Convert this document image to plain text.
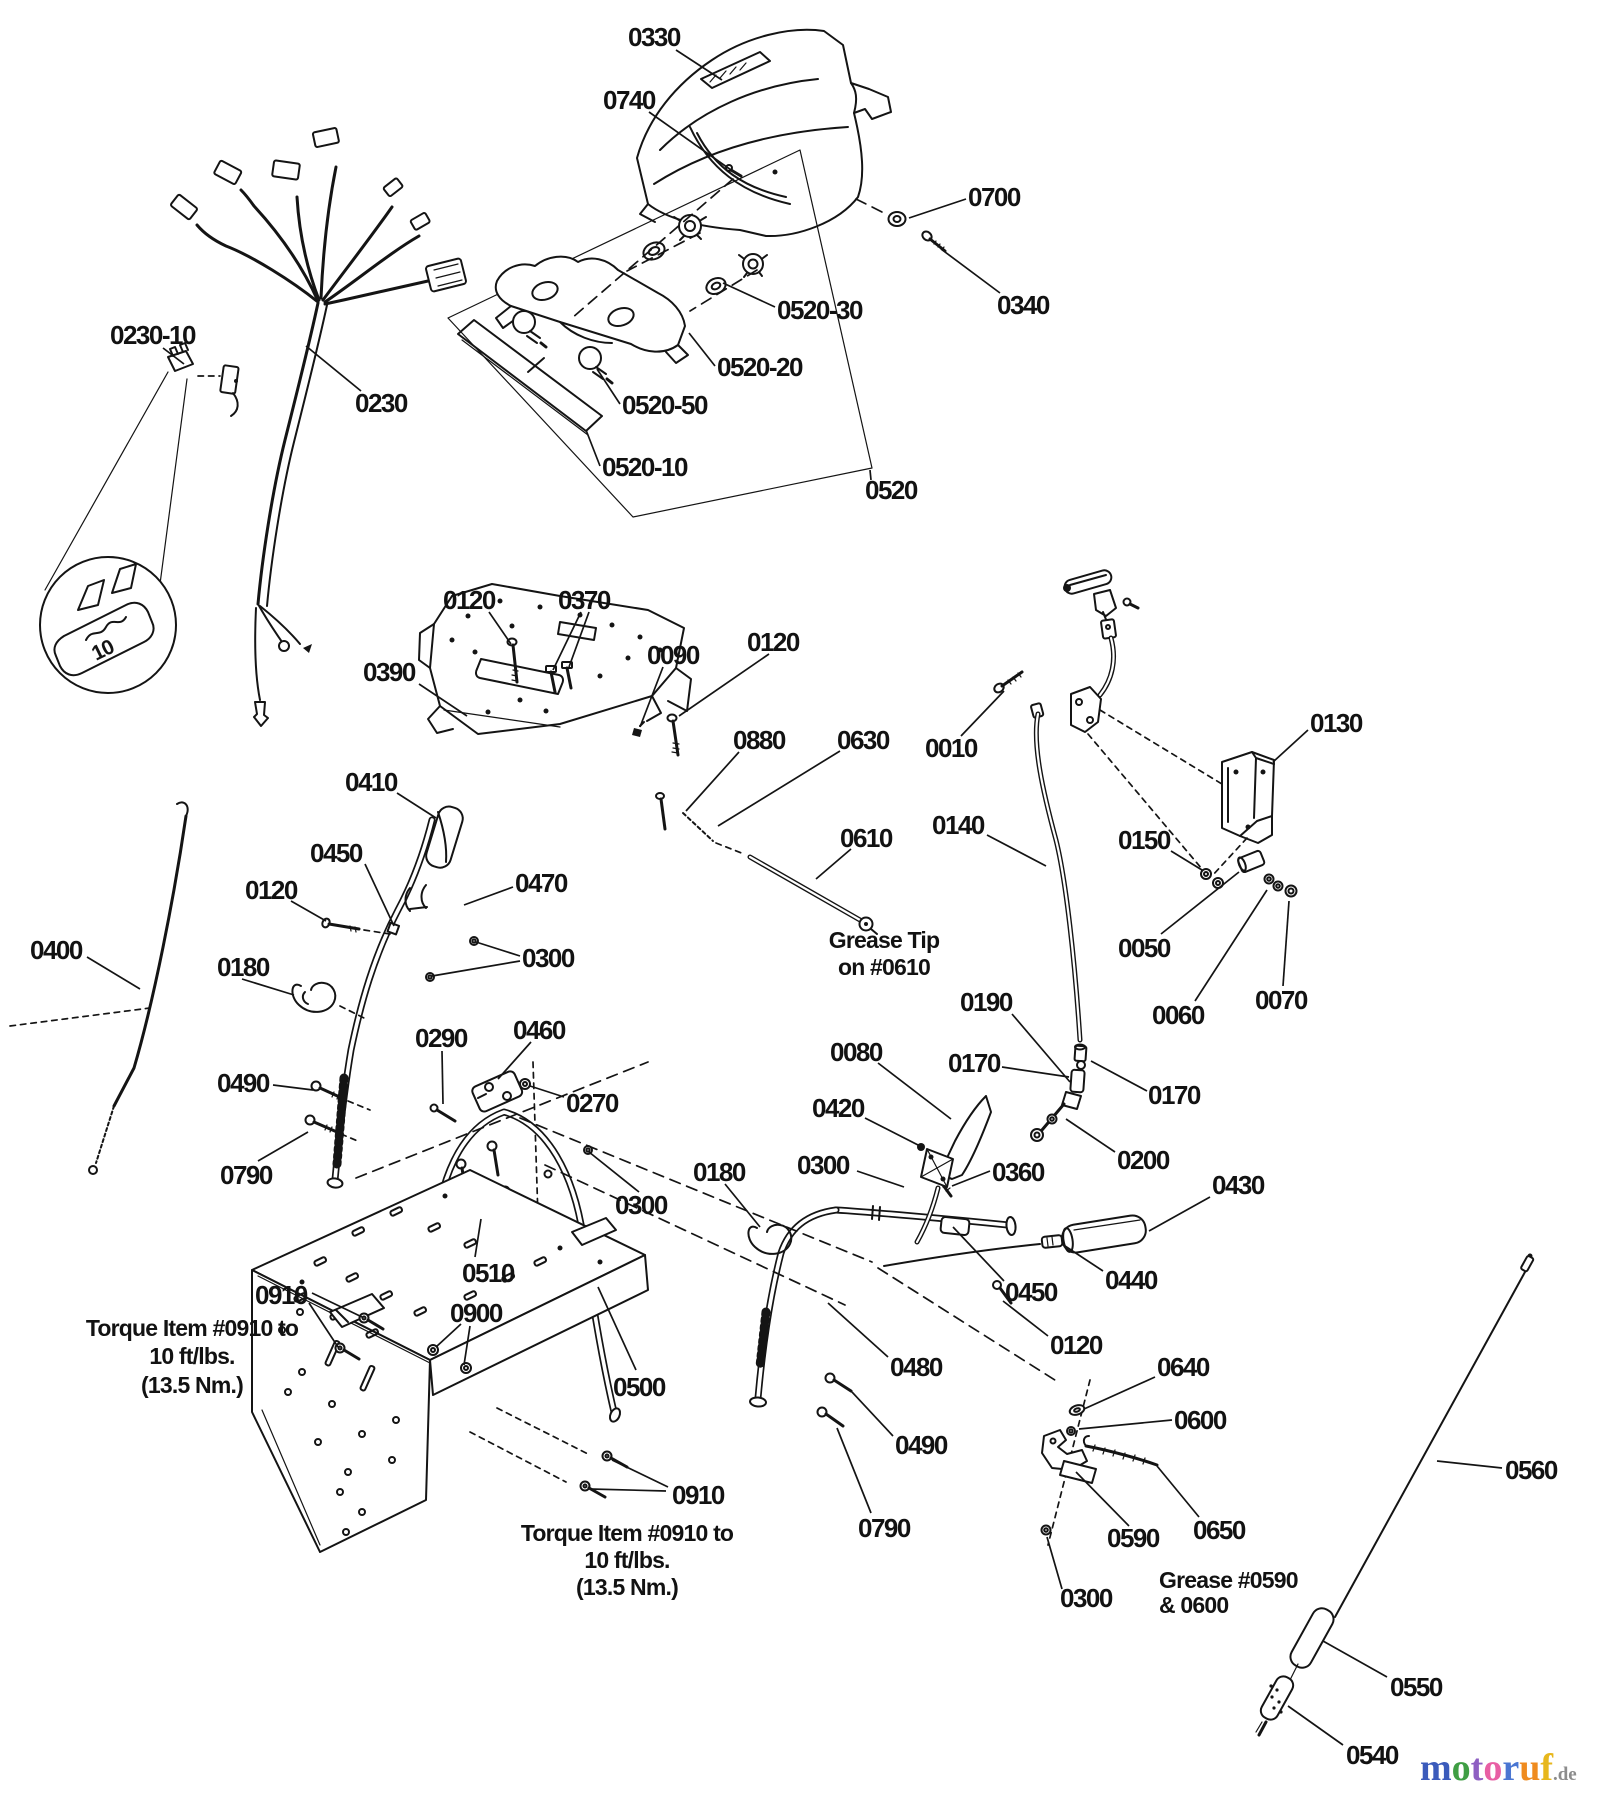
10
0330
0740
0700
0340
0520-30
0520-20
0520-50
0520-10
0520
0230-10
0230
0120 0370
0090 0120
0390
0880 0630 0010
0130
0410
0140
0610	0150
0450
0120	0470
0400	0300
0180
0050
0060 0070
0190
0290 0460
0170
0080
0270
0490
0420	0170
0790	0300	0360	0200
0430
0300
0180
0510
0450 0440
0910
0900
0120
0640
0480
0500
0600
0490
0910
0790	0590 0650
0560
0300
0550
0540
Grease Tip
on #0610
Torque Item #0910 to
10 ft/lbs.
(13.5 Nm.)
Torque Item #0910 to
10 ft/lbs.
(13.5 Nm.)	Grease #0590
& 0600
motoruf.de
